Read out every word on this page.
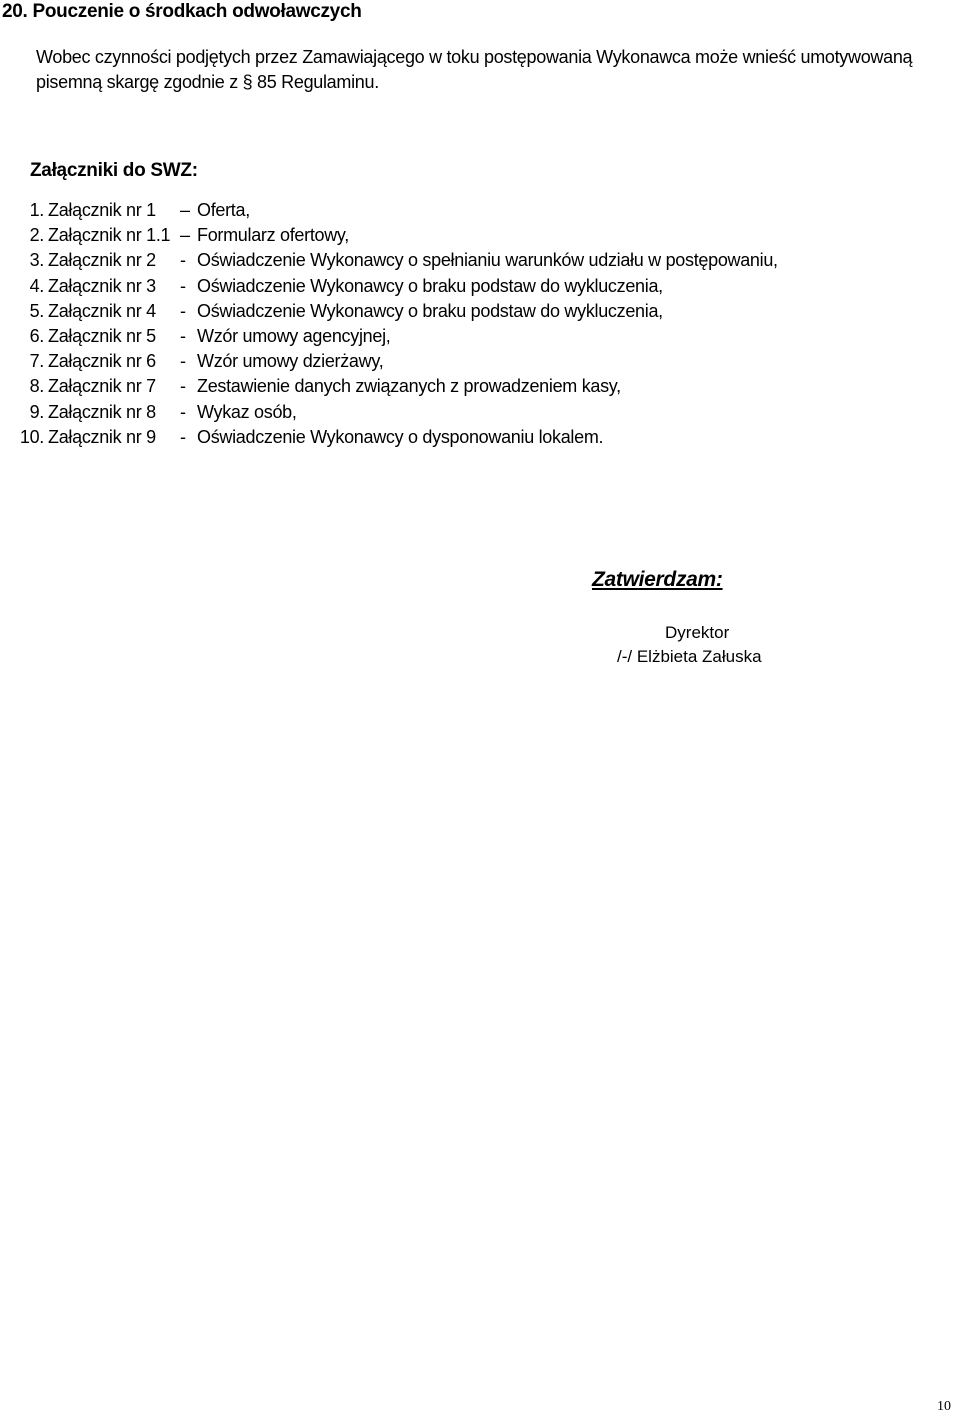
20. Pouczenie o środkach odwoławczych

Wobec czynności podjętych przez Zamawiającego w toku postępowania Wykonawca może wnieść umotywowaną

pisemną skargę zgodnie z § 85 Regulaminu.

Załączniki do SWZ:
1. Załącznik nr 1 – Oferta,
2. Załącznik nr 1.1 – Formularz ofertowy,
3. Załącznik nr 2 - Oświadczenie Wykonawcy o spełnianiu warunków udziału w postępowaniu,
4. Załącznik nr 3 - Oświadczenie Wykonawcy o braku podstaw do wykluczenia,
5. Załącznik nr 4 - Oświadczenie Wykonawcy o braku podstaw do wykluczenia,
6. Załącznik nr 5 - Wzór umowy agencyjnej,
7. Załącznik nr 6 - Wzór umowy dzierżawy,
8. Załącznik nr 7 - Zestawienie danych związanych z prowadzeniem kasy,
9. Załącznik nr 8 - Wykaz osób,
10. Załącznik nr 9 - Oświadczenie Wykonawcy o dysponowaniu lokalem.
Zatwierdzam:
Dyrektor
/-/ Elżbieta Załuska
10
